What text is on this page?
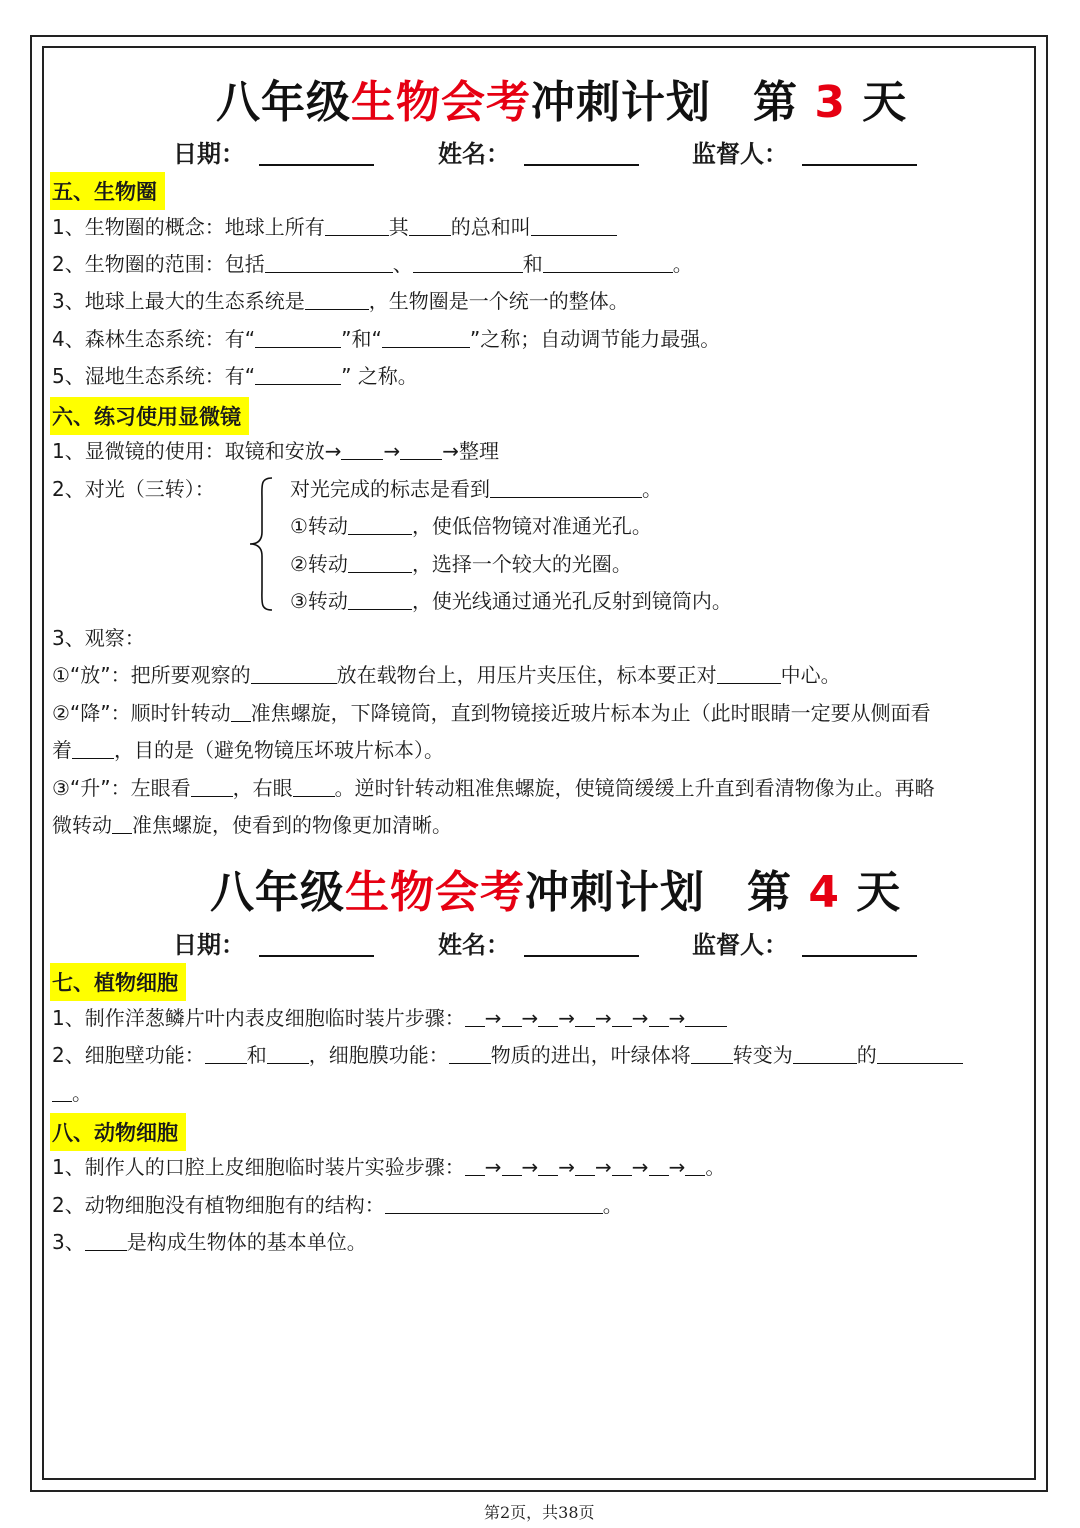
八年级生物会考冲刺计划 第 3 天
日期：	姓名：	监督人：
五、生物圈
1、生物圈的概念：地球上所有	其 的总和叫
2、生物圈的范围：包括	、	和	。
3、地球上最大的生态系统是	，生物圈是一个统一的整体。
4、森林生态系统：有“	”和“	”之称；自动调节能力最强。
5、湿地生态系统：有“	” 之称。
六、练习使用显微镜
1、显微镜的使用：取镜和安放→ → →整理
2、对光（三转）：	对光完成的标志是看到	。
①转动	，使低倍物镜对准通光孔。
②转动	，选择一个较大的光圈。
③转动	，使光线通过通光孔反射到镜筒内。
3、观察：
①“放”：把所要观察的	放在载物台上，用压片夹压住，标本要正对	中心。
②“降”：顺时针转动 准焦螺旋，下降镜筒，直到物镜接近玻片标本为止（此时眼睛一定要从侧面看
着 ，目的是（避免物镜压坏玻片标本）。
③“升”：左眼看 ，右眼 。逆时针转动粗准焦螺旋，使镜筒缓缓上升直到看清物像为止。再略
微转动 准焦螺旋，使看到的物像更加清晰。
八年级生物会考冲刺计划 第 4 天
日期：	姓名：	监督人：
七、植物细胞
1、制作洋葱鳞片叶内表皮细胞临时装片步骤： → → → → → →
2、细胞壁功能： 和 ，细胞膜功能： 物质的进出，叶绿体将 转变为	的
。
八、动物细胞
1、制作人的口腔上皮细胞临时装片实验步骤： → → → → → → 。
2、动物细胞没有植物细胞有的结构：	。
3、 是构成生物体的基本单位。
第2页，共38页
